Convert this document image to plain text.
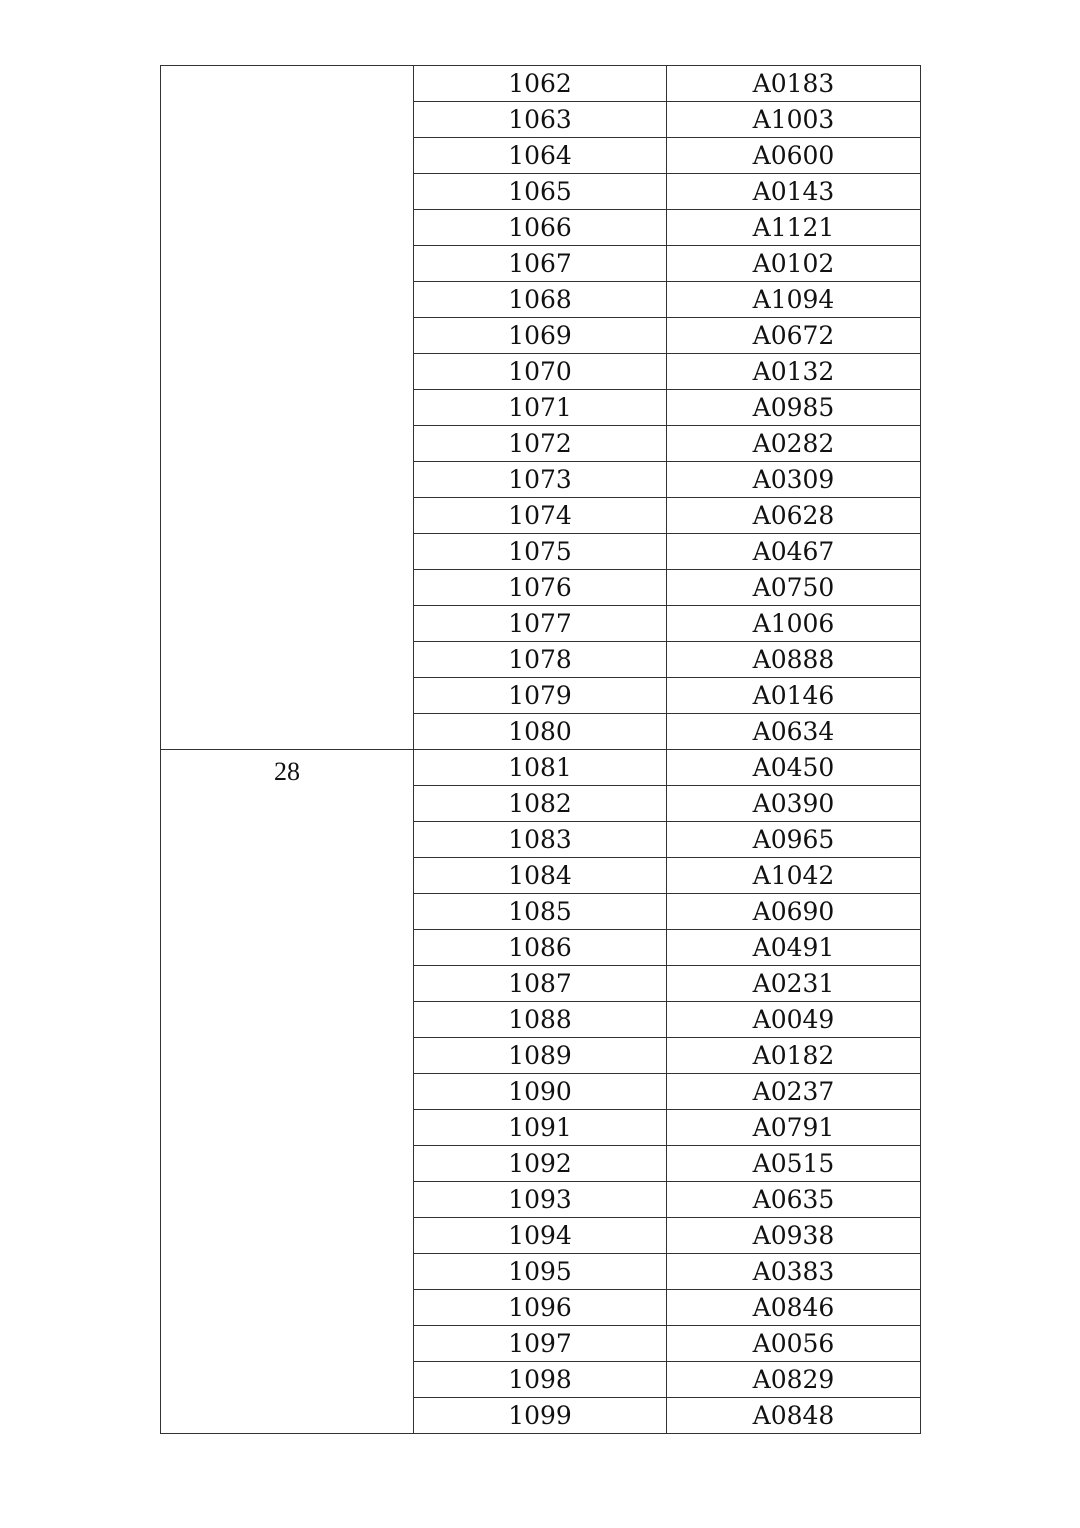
	1062	A0183
	1063	A1003
	1064	A0600
	1065	A0143
	1066	A1121
	1067	A0102
	1068	A1094
	1069	A0672
	1070	A0132
	1071	A0985
	1072	A0282
	1073	A0309
	1074	A0628
	1075	A0467
	1076	A0750
	1077	A1006
	1078	A0888
	1079	A0146
	1080	A0634

28	1081	A0450
	1082	A0390
	1083	A0965
	1084	A1042
	1085	A0690
	1086	A0491
	1087	A0231
	1088	A0049
	1089	A0182
	1090	A0237
	1091	A0791
	1092	A0515
	1093	A0635
	1094	A0938
	1095	A0383
	1096	A0846
	1097	A0056
	1098	A0829
	1099	A0848
